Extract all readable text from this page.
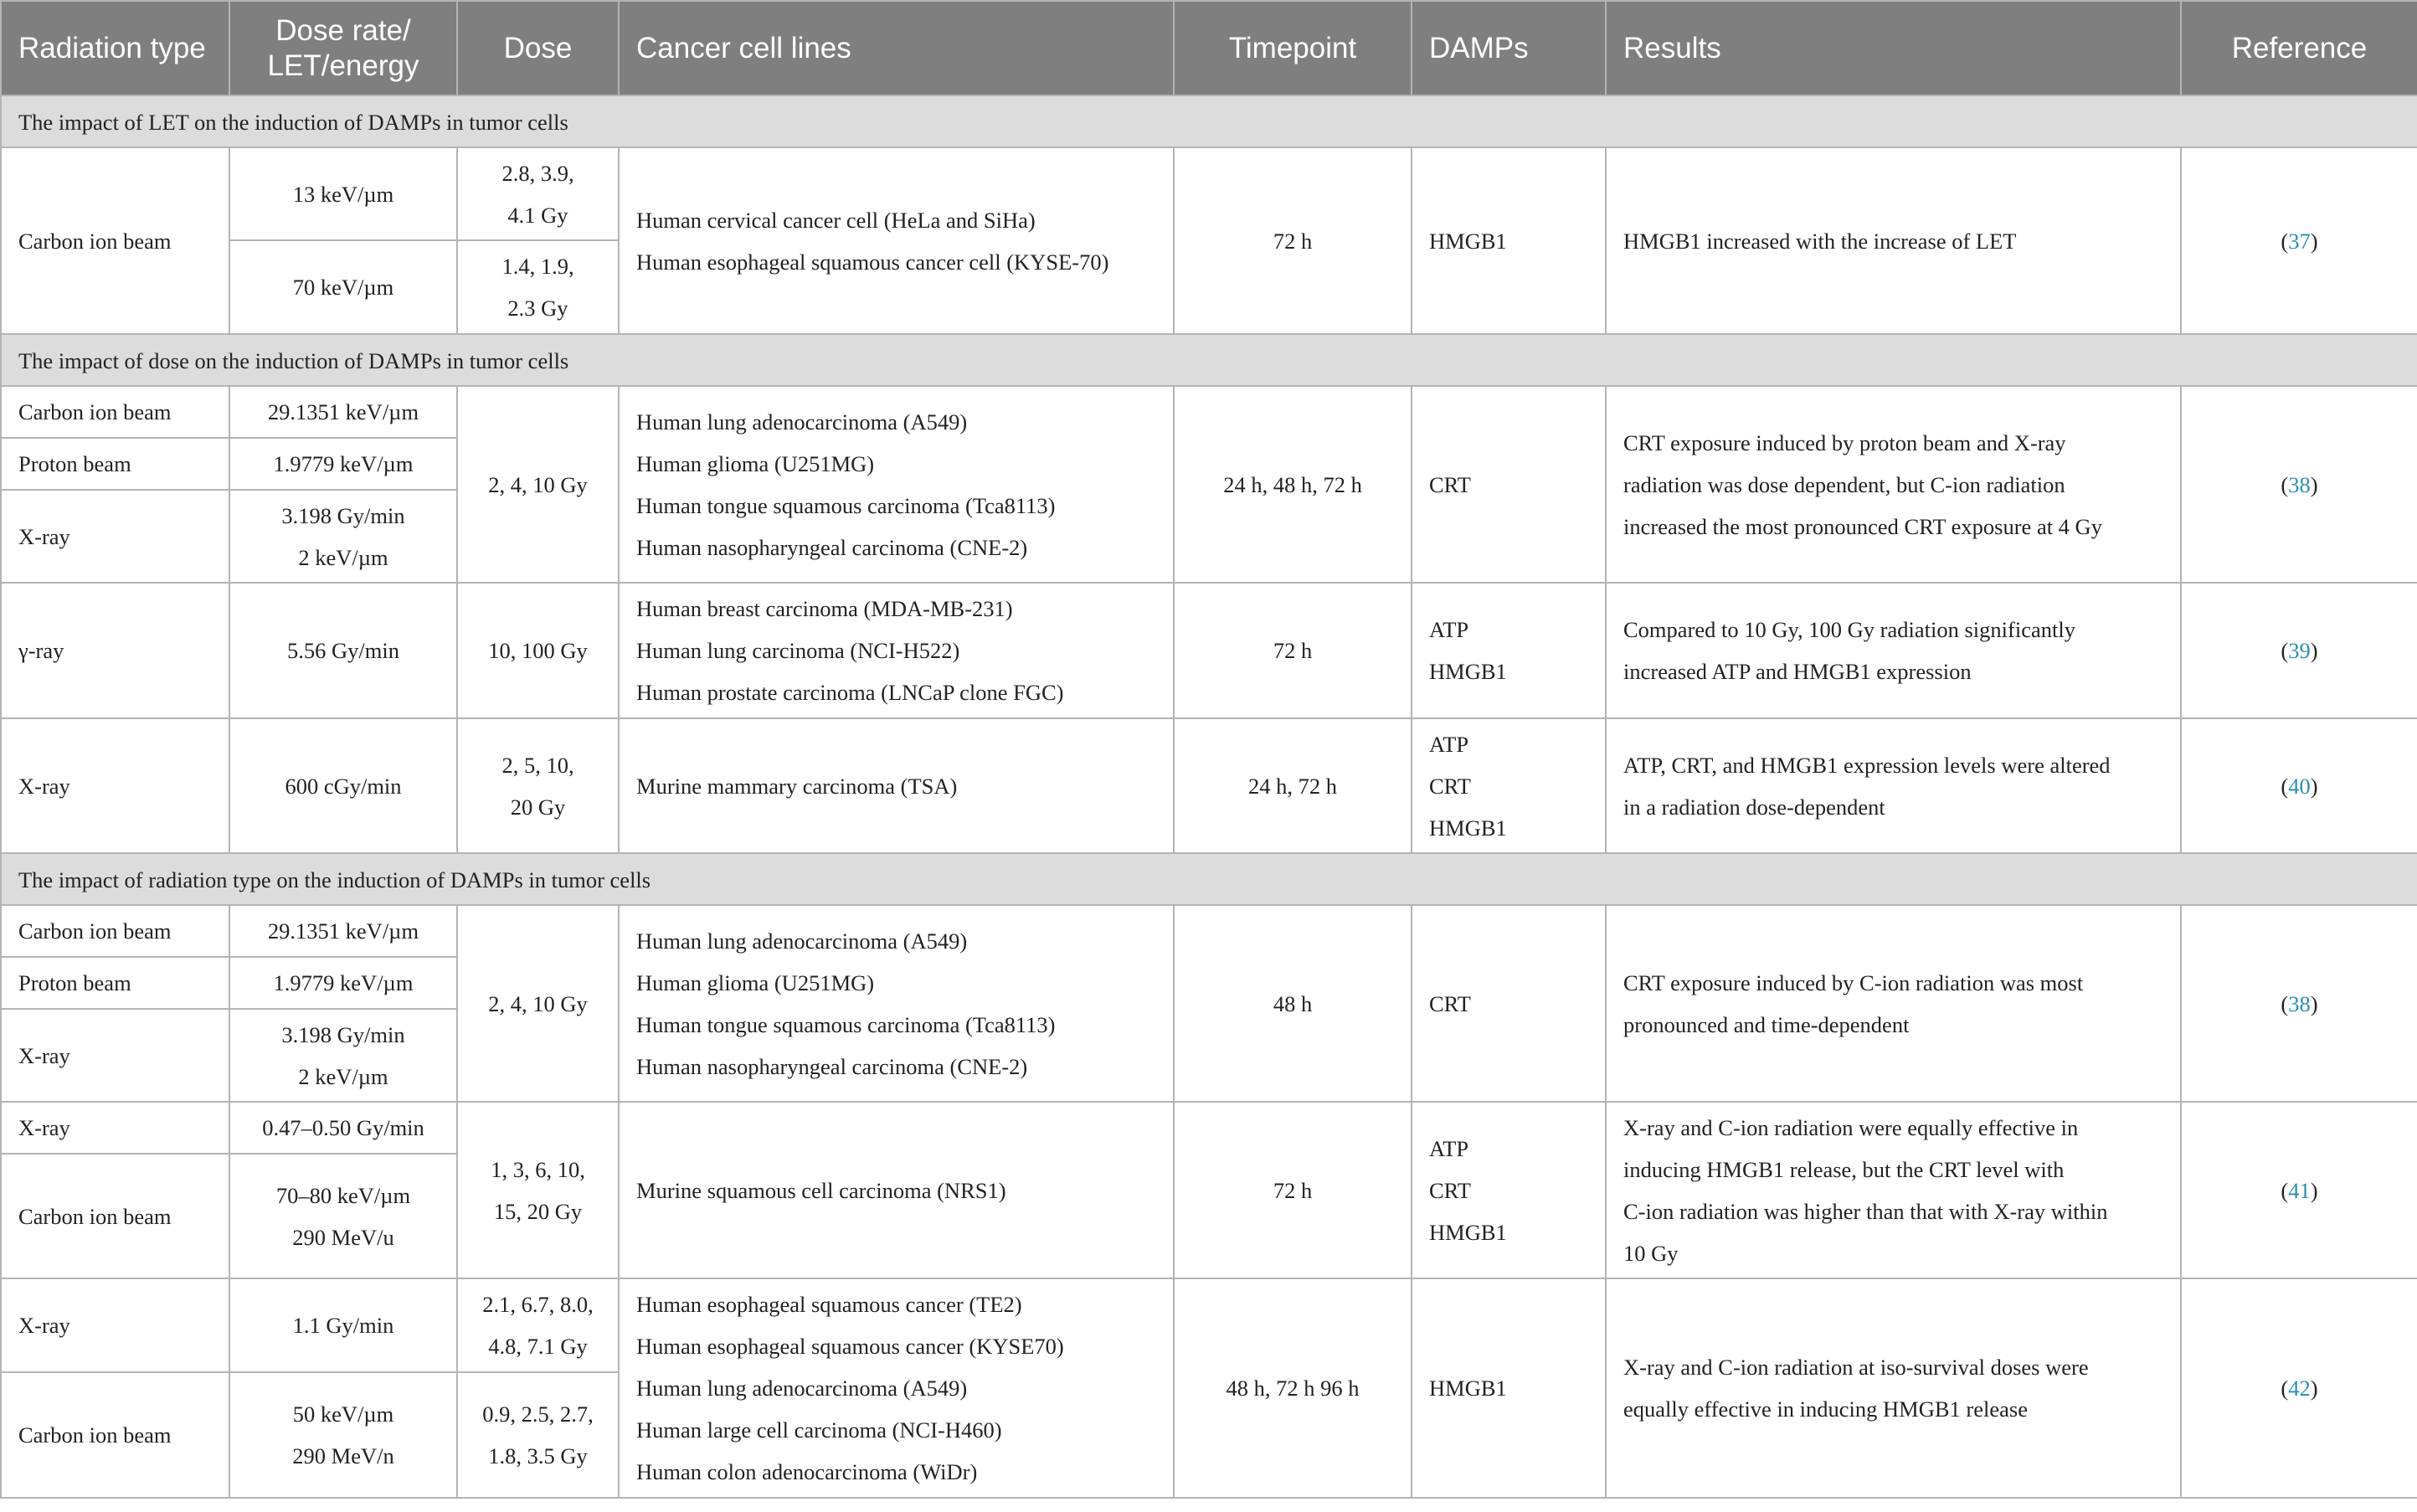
Radiation type	Dose rate/ LET/energy	Dose	Cancer cell lines	Timepoint	DAMPs	Results	Reference
The impact of LET on the induction of DAMPs in tumor cells							
Carbon ion beam	13 keV/µm	2.8, 3.9,
4.1 Gy	Human cervical cancer cell (HeLa and SiHa)
Human esophageal squamous cancer cell (KYSE-70)	72 h	HMGB1	HMGB1 increased with the increase of LET	(37)
	70 keV/µm	1.4, 1.9,
2.3 Gy					

The impact of dose on the induction of DAMPs in tumor cells							
Carbon ion beam	29.1351 keV/µm	2, 4, 10 Gy	Human lung adenocarcinoma (A549)
Human glioma (U251MG)
Human tongue squamous carcinoma (Tca8113)
Human nasopharyngeal carcinoma (CNE-2)	24 h, 48 h, 72 h	CRT	CRT exposure induced by proton beam and X-ray
radiation was dose dependent, but C-ion radiation
increased the most pronounced CRT exposure at 4 Gy	(38)
Proton beam	1.9779 keV/µm						
X-ray	3.198 Gy/min
2 keV/µm						

γ-ray	5.56 Gy/min	10, 100 Gy	Human breast carcinoma (MDA-MB-231)
Human lung carcinoma (NCI-H522)
Human prostate carcinoma (LNCaP clone FGC)	72 h	ATP
HMGB1	Compared to 10 Gy, 100 Gy radiation significantly
increased ATP and HMGB1 expression	(39)
X-ray	600 cGy/min	2, 5, 10,
20 Gy	Murine mammary carcinoma (TSA)	24 h, 72 h	ATP
CRT
HMGB1	ATP, CRT, and HMGB1 expression levels were altered
in a radiation dose-dependent	(40)
The impact of radiation type on the induction of DAMPs in tumor cells							
Carbon ion beam	29.1351 keV/µm	2, 4, 10 Gy	Human lung adenocarcinoma (A549)
Human glioma (U251MG)
Human tongue squamous carcinoma (Tca8113)
Human nasopharyngeal carcinoma (CNE-2)	48 h	CRT	CRT exposure induced by C-ion radiation was most
pronounced and time-dependent	(38)
Proton beam	1.9779 keV/µm						
X-ray	3.198 Gy/min
2 keV/µm						

X-ray	0.47–0.50 Gy/min	1, 3, 6, 10,
15, 20 Gy	Murine squamous cell carcinoma (NRS1)	72 h	ATP
CRT
HMGB1	X-ray and C-ion radiation were equally effective in
inducing HMGB1 release, but the CRT level with
C-ion radiation was higher than that with X-ray within
10 Gy	(41)
Carbon ion beam	70–80 keV/µm
290 MeV/u						

X-ray	1.1 Gy/min	2.1, 6.7, 8.0,
4.8, 7.1 Gy	Human esophageal squamous cancer (TE2)
Human esophageal squamous cancer (KYSE70)
Human lung adenocarcinoma (A549)
Human large cell carcinoma (NCI-H460)
Human colon adenocarcinoma (WiDr)	48 h, 72 h 96 h	HMGB1	X-ray and C-ion radiation at iso-survival doses were
equally effective in inducing HMGB1 release	(42)
Carbon ion beam	50 keV/µm
290 MeV/n	0.9, 2.5, 2.7,
1.8, 3.5 Gy					
